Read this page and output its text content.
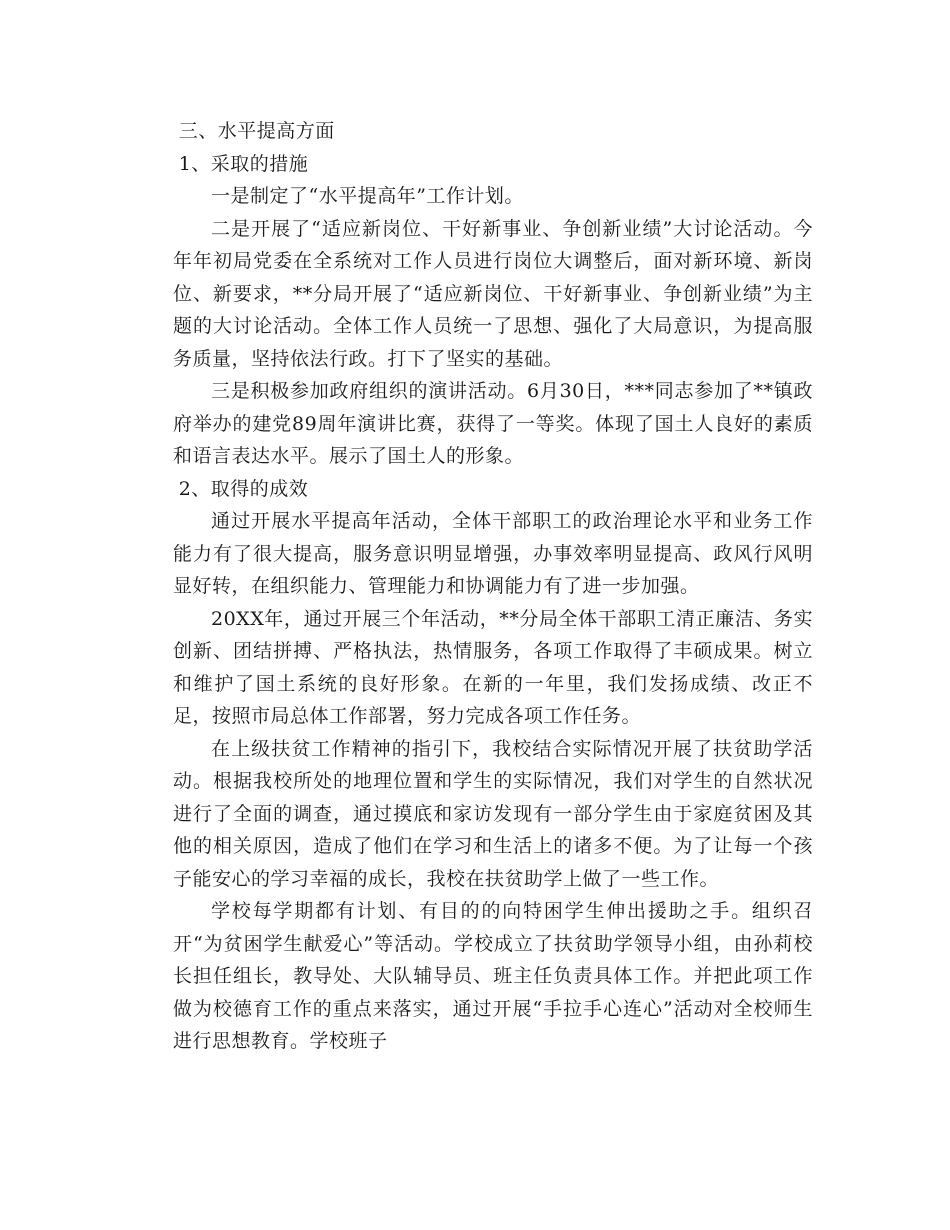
三、水平提高方面

1、采取的措施

一是制定了“水平提高年”工作计划。

二是开展了“适应新岗位、干好新事业、争创新业绩”大讨论活动。今年年初局党委在全系统对工作人员进行岗位大调整后，面对新环境、新岗位、新要求，**分局开展了“适应新岗位、干好新事业、争创新业绩”为主题的大讨论活动。全体工作人员统一了思想、强化了大局意识，为提高服务质量，坚持依法行政。打下了坚实的基础。

三是积极参加政府组织的演讲活动。6月30日，***同志参加了**镇政府举办的建党89周年演讲比赛，获得了一等奖。体现了国土人良好的素质和语言表达水平。展示了国土人的形象。

2、取得的成效

通过开展水平提高年活动，全体干部职工的政治理论水平和业务工作能力有了很大提高，服务意识明显增强，办事效率明显提高、政风行风明显好转，在组织能力、管理能力和协调能力有了进一步加强。

20XX年，通过开展三个年活动，**分局全体干部职工清正廉洁、务实创新、团结拼搏、严格执法，热情服务，各项工作取得了丰硕成果。树立和维护了国土系统的良好形象。在新的一年里，我们发扬成绩、改正不足，按照市局总体工作部署，努力完成各项工作任务。

在上级扶贫工作精神的指引下，我校结合实际情况开展了扶贫助学活动。根据我校所处的地理位置和学生的实际情况，我们对学生的自然状况进行了全面的调查，通过摸底和家访发现有一部分学生由于家庭贫困及其他的相关原因，造成了他们在学习和生活上的诸多不便。为了让每一个孩子能安心的学习幸福的成长，我校在扶贫助学上做了一些工作。

学校每学期都有计划、有目的的向特困学生伸出援助之手。组织召开“为贫困学生献爱心”等活动。学校成立了扶贫助学领导小组，由孙莉校长担任组长，教导处、大队辅导员、班主任负责具体工作。并把此项工作做为校德育工作的重点来落实，通过开展“手拉手心连心”活动对全校师生进行思想教育。学校班子
